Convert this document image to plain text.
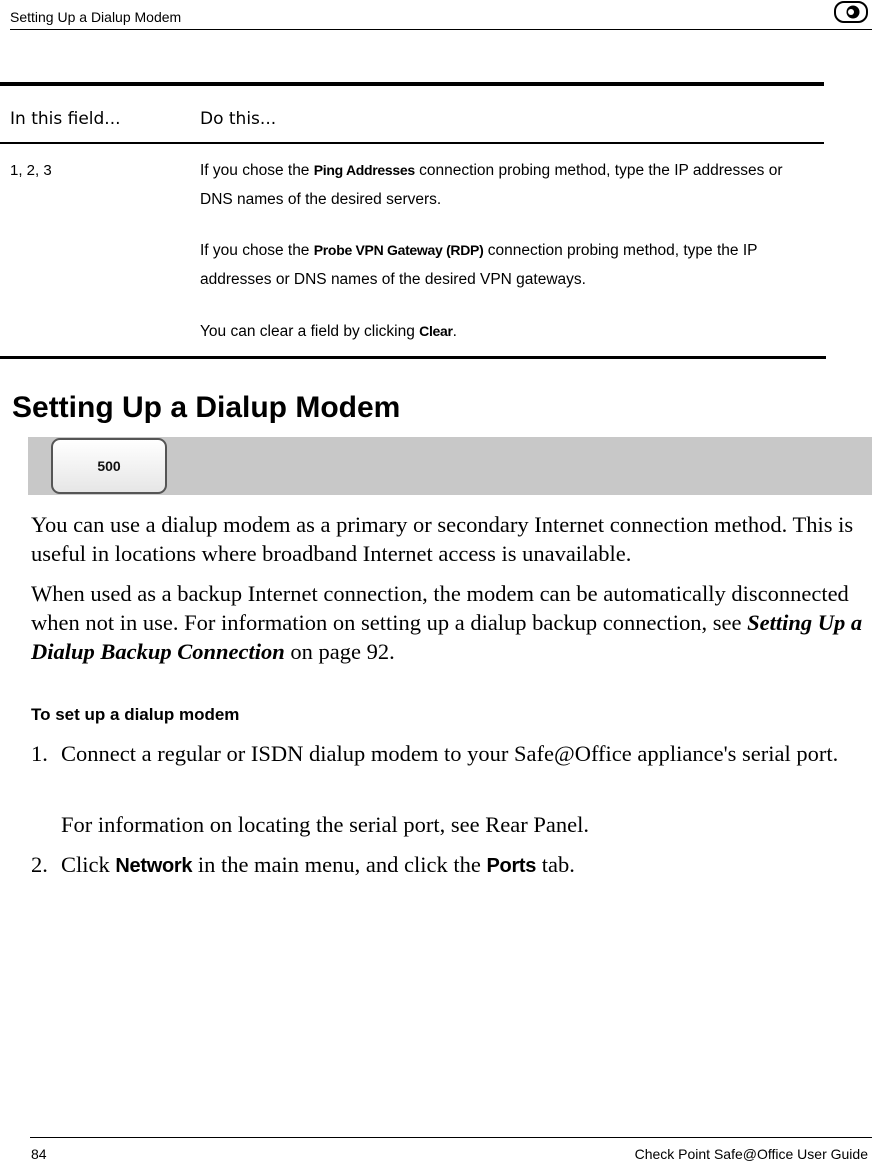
Setting Up a Dialup Modem
In this field...	Do this...
1, 2, 3	If you chose the Ping Addresses connection probing method, type the IP addresses or DNS names of the desired servers.

If you chose the Probe VPN Gateway (RDP) connection probing method, type the IP addresses or DNS names of the desired VPN gateways.

You can clear a field by clicking Clear.

Setting Up a Dialup Modem
500

You can use a dialup modem as a primary or secondary Internet connection method. This is useful in locations where broadband Internet access is unavailable.

When used as a backup Internet connection, the modem can be automatically disconnected when not in use. For information on setting up a dialup backup connection, see Setting Up a Dialup Backup Connection on page 92.

To set up a dialup modem
1. Connect a regular or ISDN dialup modem to your Safe@Office appliance's serial port.
For information on locating the serial port, see Rear Panel.
2. Click Network in the main menu, and click the Ports tab.
84	Check Point Safe@Office User Guide
